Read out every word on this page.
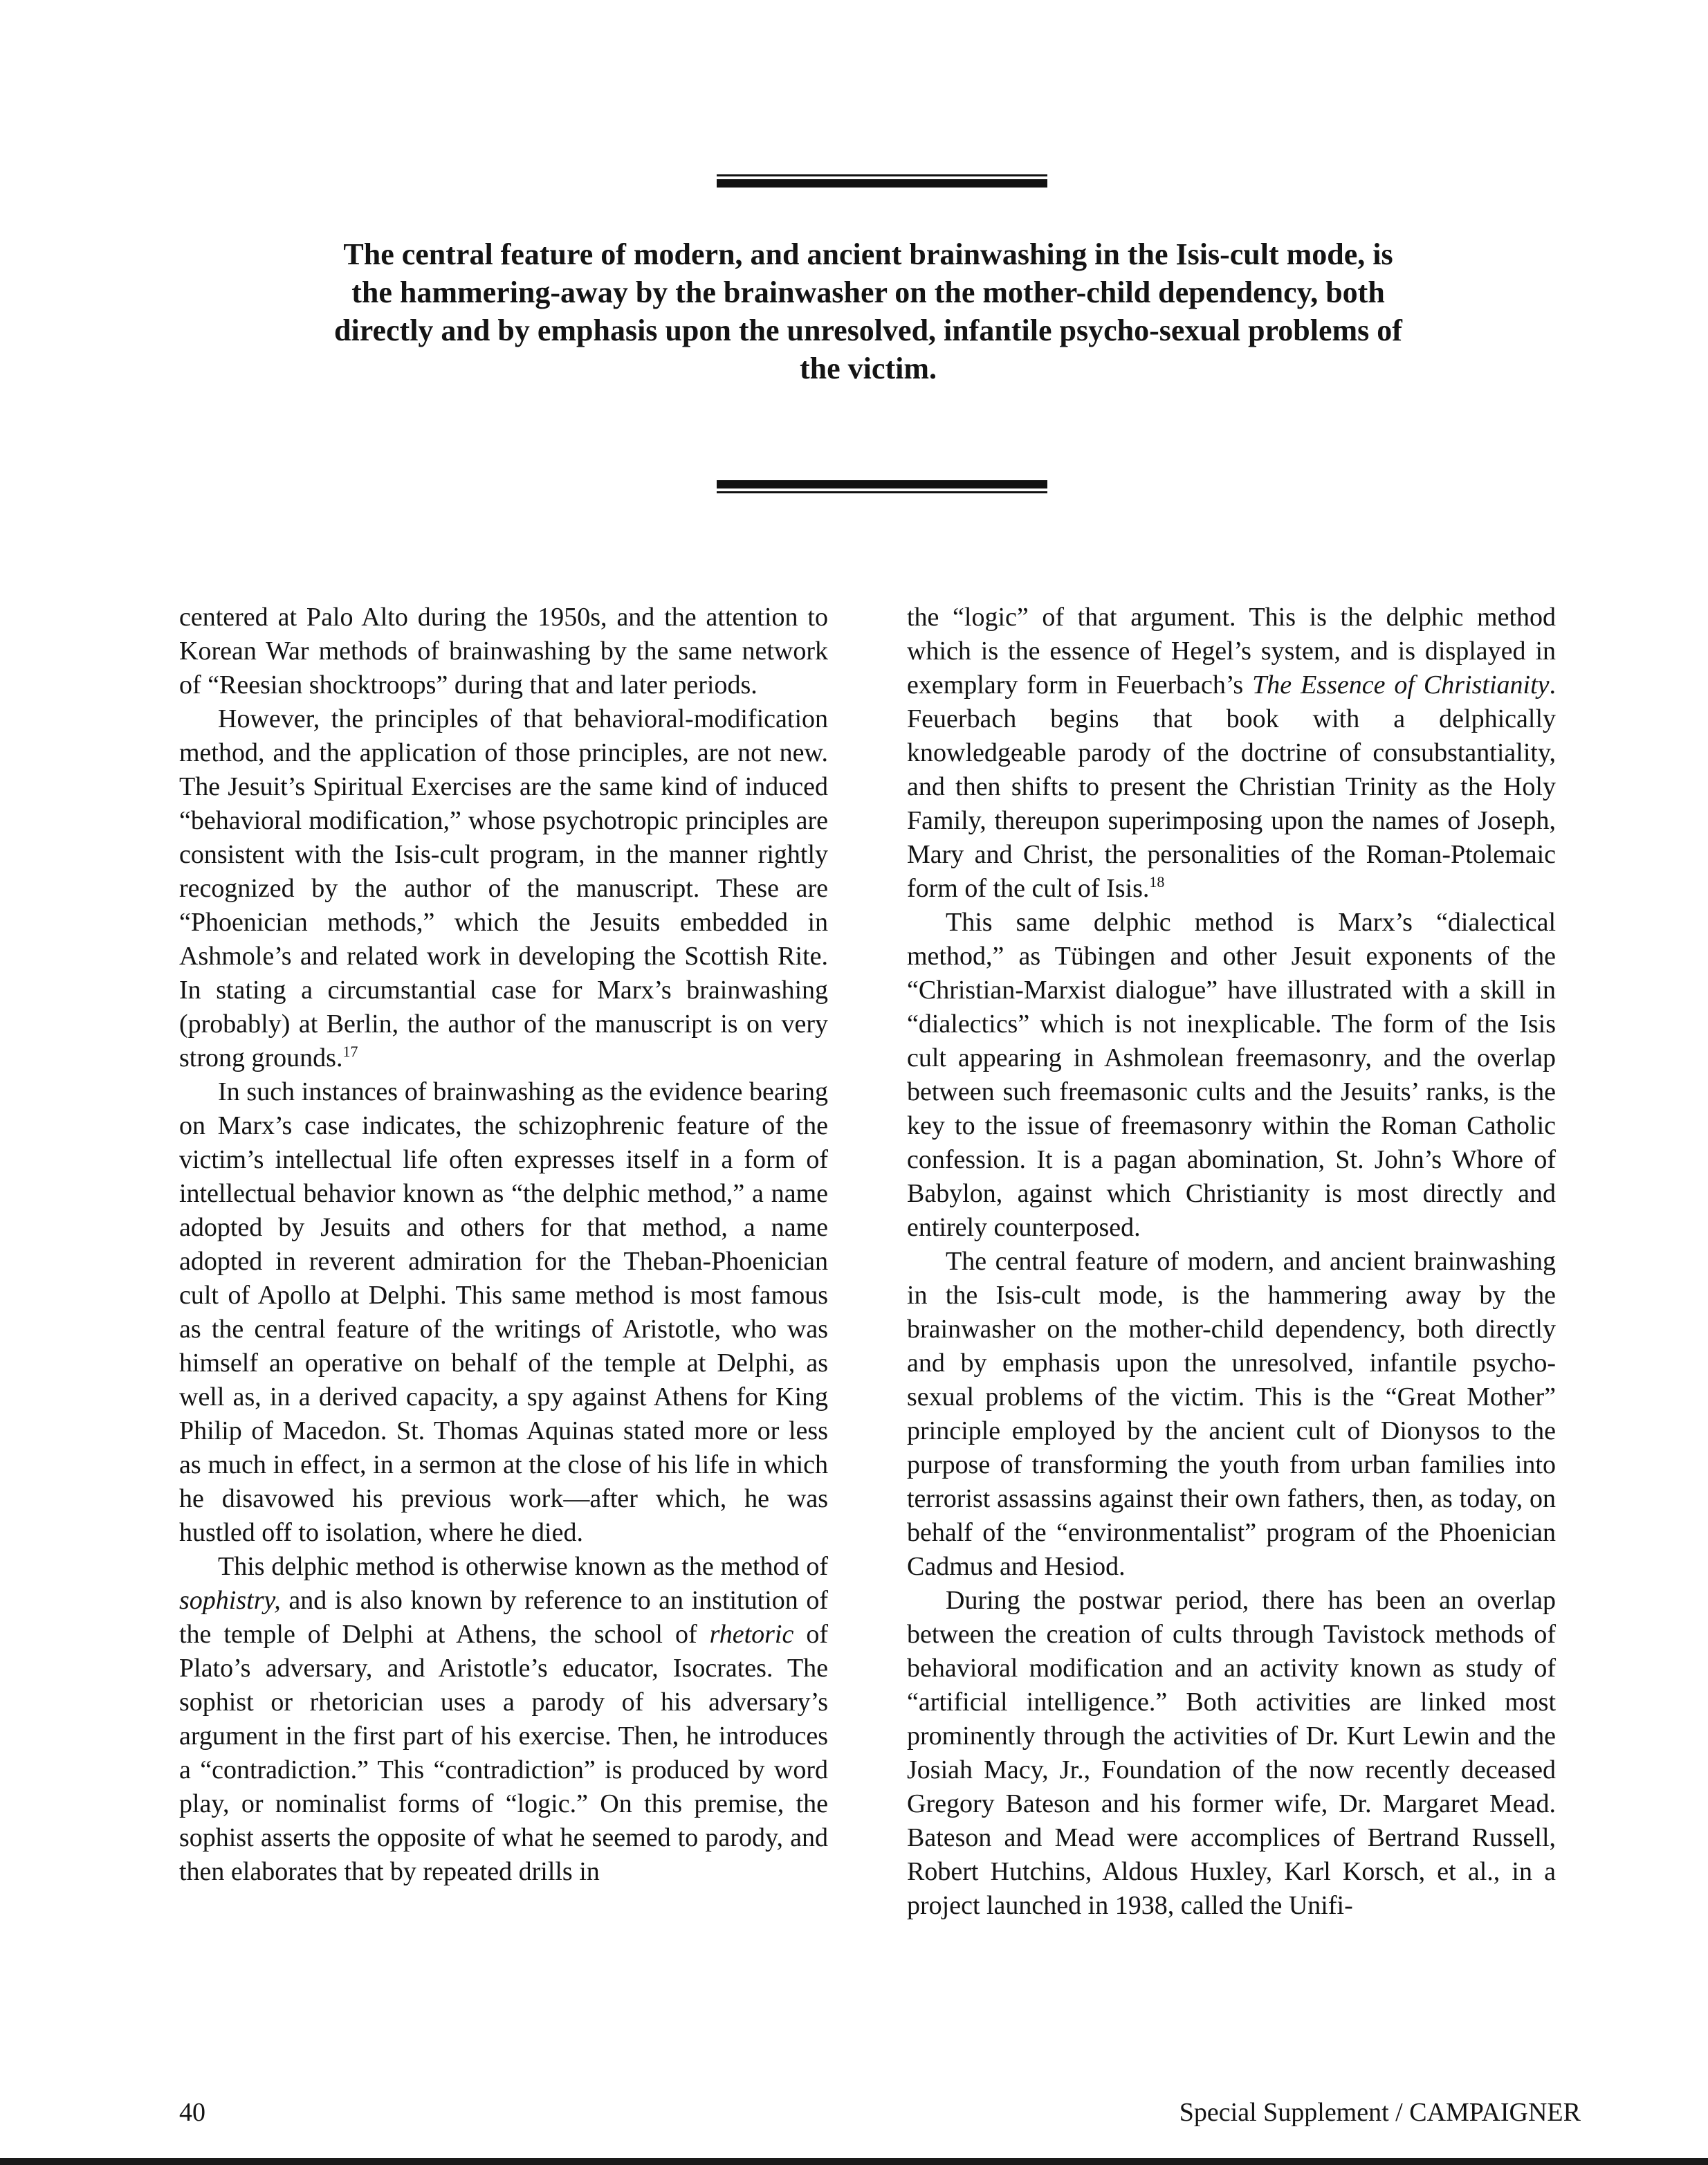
The central feature of modern, and ancient brainwashing in the Isis-cult mode, is the hammering-away by the brainwasher on the mother-child dependency, both directly and by emphasis upon the unresolved, infantile psycho-sexual problems of the victim.

centered at Palo Alto during the 1950s, and the attention to Korean War methods of brainwashing by the same network of “Reesian shocktroops” during that and later periods.

However, the principles of that behavioral-modification method, and the application of those principles, are not new. The Jesuit’s Spiritual Exercises are the same kind of induced “behavioral modification,” whose psychotropic principles are consistent with the Isis-cult program, in the manner rightly recognized by the author of the manuscript. These are “Phoenician methods,” which the Jesuits embedded in Ashmole’s and related work in developing the Scottish Rite. In stating a circumstantial case for Marx’s brainwashing (probably) at Berlin, the author of the manuscript is on very strong grounds.$^{17}$

In such instances of brainwashing as the evidence bearing on Marx’s case indicates, the schizophrenic feature of the victim’s intellectual life often expresses itself in a form of intellectual behavior known as “the delphic method,” a name adopted by Jesuits and others for that method, a name adopted in reverent admiration for the Theban-Phoenician cult of Apollo at Delphi. This same method is most famous as the central feature of the writings of Aristotle, who was himself an operative on behalf of the temple at Delphi, as well as, in a derived capacity, a spy against Athens for King Philip of Macedon. St. Thomas Aquinas stated more or less as much in effect, in a sermon at the close of his life in which he disavowed his previous work—after which, he was hustled off to isolation, where he died.

This delphic method is otherwise known as the method of sophistry, and is also known by reference to an institution of the temple of Delphi at Athens, the school of rhetoric of Plato’s adversary, and Aristotle’s educator, Isocrates. The sophist or rhetorician uses a parody of his adversary’s argument in the first part of his exercise. Then, he introduces a “contradiction.” This “contradiction” is produced by word play, or nominalist forms of “logic.” On this premise, the sophist asserts the opposite of what he seemed to parody, and then elaborates that by repeated drills in

the “logic” of that argument. This is the delphic method which is the essence of Hegel’s system, and is displayed in exemplary form in Feuerbach’s The Essence of Christianity. Feuerbach begins that book with a delphically knowledgeable parody of the doctrine of consubstantiality, and then shifts to present the Christian Trinity as the Holy Family, thereupon superimposing upon the names of Joseph, Mary and Christ, the personalities of the Roman-Ptolemaic form of the cult of Isis.$^{18}$

This same delphic method is Marx’s “dialectical method,” as Tübingen and other Jesuit exponents of the “Christian-Marxist dialogue” have illustrated with a skill in “dialectics” which is not inexplicable. The form of the Isis cult appearing in Ashmolean freemasonry, and the overlap between such freemasonic cults and the Jesuits’ ranks, is the key to the issue of freemasonry within the Roman Catholic confession. It is a pagan abomination, St. John’s Whore of Babylon, against which Christianity is most directly and entirely counterposed.

The central feature of modern, and ancient brainwashing in the Isis-cult mode, is the hammering away by the brainwasher on the mother-child dependency, both directly and by emphasis upon the unresolved, infantile psycho-sexual problems of the victim. This is the “Great Mother” principle employed by the ancient cult of Dionysos to the purpose of transforming the youth from urban families into terrorist assassins against their own fathers, then, as today, on behalf of the “environmentalist” program of the Phoenician Cadmus and Hesiod.

During the postwar period, there has been an overlap between the creation of cults through Tavistock methods of behavioral modification and an activity known as study of “artificial intelligence.” Both activities are linked most prominently through the activities of Dr. Kurt Lewin and the Josiah Macy, Jr., Foundation of the now recently deceased Gregory Bateson and his former wife, Dr. Margaret Mead. Bateson and Mead were accomplices of Bertrand Russell, Robert Hutchins, Aldous Huxley, Karl Korsch, et al., in a project launched in 1938, called the Unifi-

40	Special Supplement / CAMPAIGNER
